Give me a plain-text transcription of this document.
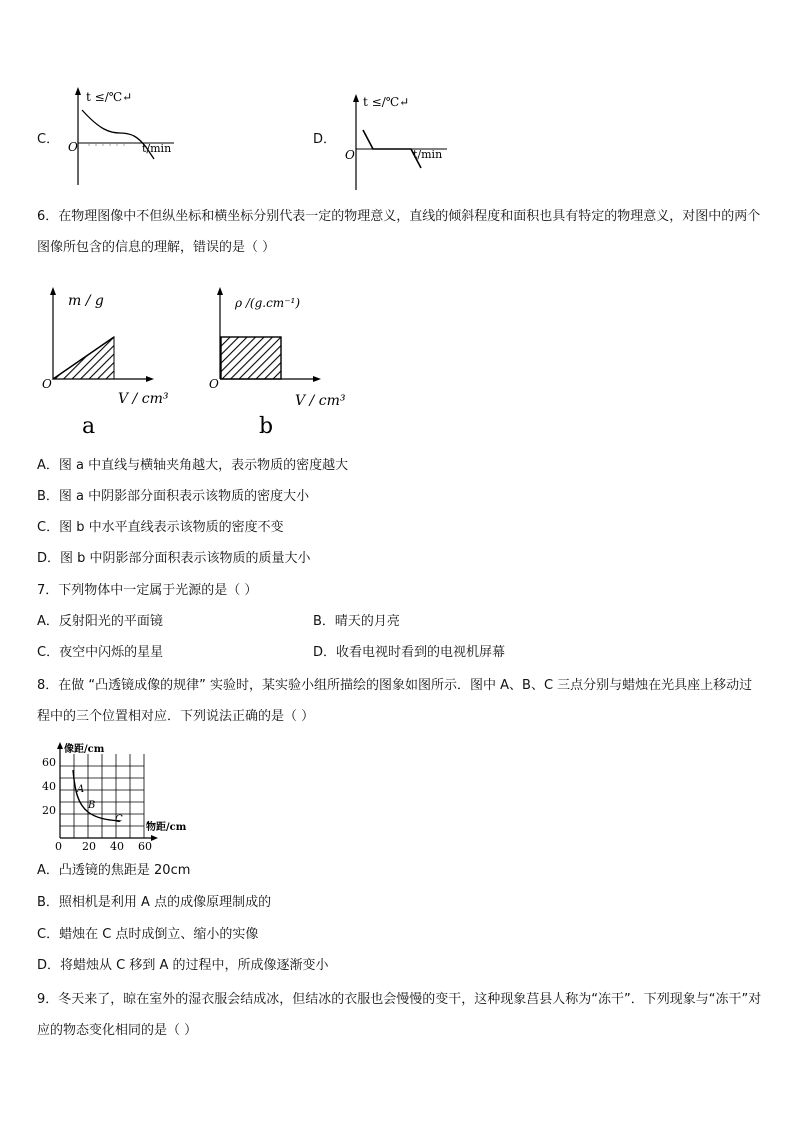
C．
t ≤/℃↵
O	t/min
D．
t ≤/℃↵
O	t/min
6．在物理图像中不但纵坐标和横坐标分别代表一定的物理意义，直线的倾斜程度和面积也具有特定的物理意义，对图中的两个图像所包含的信息的理解，错误的是（ ）
m / g
O
V / cm³
a
ρ /(g.cm⁻¹)
O
V / cm³
b
A．图 a 中直线与横轴夹角越大，表示物质的密度越大
B．图 a 中阴影部分面积表示该物质的密度大小
C．图 b 中水平直线表示该物质的密度不变
D．图 b 中阴影部分面积表示该物质的质量大小
7．下列物体中一定属于光源的是（ ）
A．反射阳光的平面镜	B．晴天的月亮
C．夜空中闪烁的星星	D．收看电视时看到的电视机屏幕
8．在做 “凸透镜成像的规律” 实验时，某实验小组所描绘的图象如图所示．图中 A、B、C 三点分别与蜡烛在光具座上移动过程中的三个位置相对应．下列说法正确的是（ ）
像距/cm
物距/cm
60
40
20
0 20 40 60
A
B
C
A．凸透镜的焦距是 20cm
B．照相机是利用 A 点的成像原理制成的
C．蜡烛在 C 点时成倒立、缩小的实像
D．将蜡烛从 C 移到 A 的过程中，所成像逐渐变小
9．冬天来了，晾在室外的湿衣服会结成冰，但结冰的衣服也会慢慢的变干，这种现象莒县人称为“冻干”．下列现象与“冻干”对应的物态变化相同的是（ ）
